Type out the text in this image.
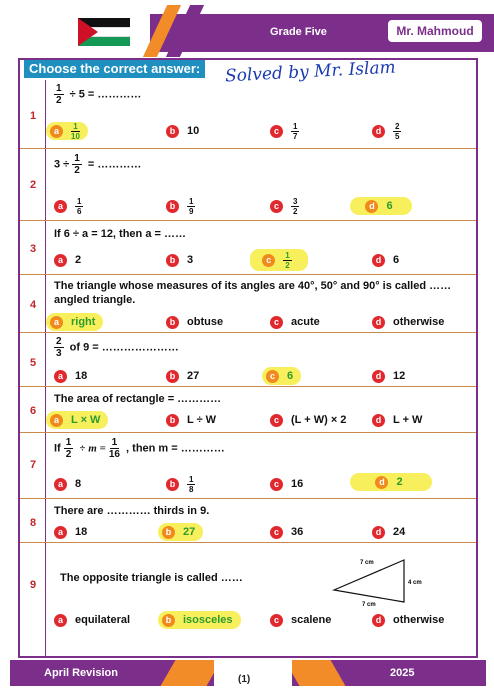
Grade Five	Mr. Mahmoud
Choose the correct answer: Solved by Mr. Islam
1
$\frac{1}{2} \div 5$ = …………
a	$\frac{1}{10}$	b	10	c	$\frac{1}{7}$	d	$\frac{2}{5}$
2
$3 \div \frac{1}{2}$ = …………
a	$\frac{1}{6}$	b	$\frac{1}{9}$	c	$\frac{3}{2}$	d	6
3
If 6 ÷ a = 12, then a = ……
a	2	b	3	c	$\frac{1}{2}$	d	6
4
The triangle whose measures of its angles are 40°, 50° and 90° is called …… angled triangle.
a	right	b	obtuse	c	acute	d	otherwise
5
$\frac{2}{3}$ of 9 = …………………
a	18	b	27	c	6	d	12
6
The area of rectangle = …………
a	L × W	b	L ÷ W	c	(L + W) × 2	d	L + W
7
If $\frac{1}{2} \div m = \frac{1}{16}$ , then m = …………
a	8	b	$\frac{1}{8}$	c	16	d	2
8
There are ………… thirds in 9.
a	18	b	27	c	36	d	24
9
The opposite triangle is called ……
a	equilateral	b	isosceles	c	scalene	d	otherwise
7 cm
4 cm
7 cm
April Revision
(1)
2025
